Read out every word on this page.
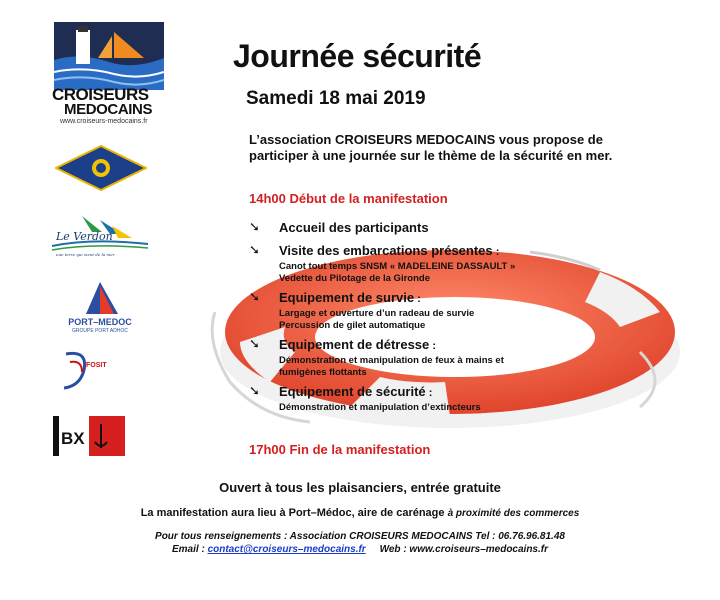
CROISEURS
MEDOCAINS
www.croiseurs-medocains.fr
Le Verdon
une terre qui vient de la mer
PORT–MEDOC
GROUPE PORT ADHOC
FOSIT
PILOTES
BX
Journée sécurité
Samedi 18 mai 2019
L’association CROISEURS MEDOCAINS vous propose de participer à une journée sur le thème de la sécurité en mer.
14h00 Début de la manifestation
➘ Accueil des participants
➘ Visite des embarcations présentes :
Canot tout temps SNSM « MADELEINE DASSAULT »
Vedette du Pilotage de la Gironde
➘ Equipement de survie :
Largage et ouverture d’un radeau de survie
Percussion de gilet automatique
➘ Equipement de détresse :
Démonstration et manipulation de feux à mains et
fumigènes flottants
➘ Equipement de sécurité :
Démonstration et manipulation d’extincteurs
17h00 Fin de la manifestation
Ouvert à tous les plaisanciers, entrée gratuite
La manifestation aura lieu à Port–Médoc, aire de carénage à proximité des commerces
Pour tous renseignements : Association CROISEURS MEDOCAINS Tel : 06.76.96.81.48
Email : contact@croiseurs–medocains.fr Web : www.croiseurs–medocains.fr
